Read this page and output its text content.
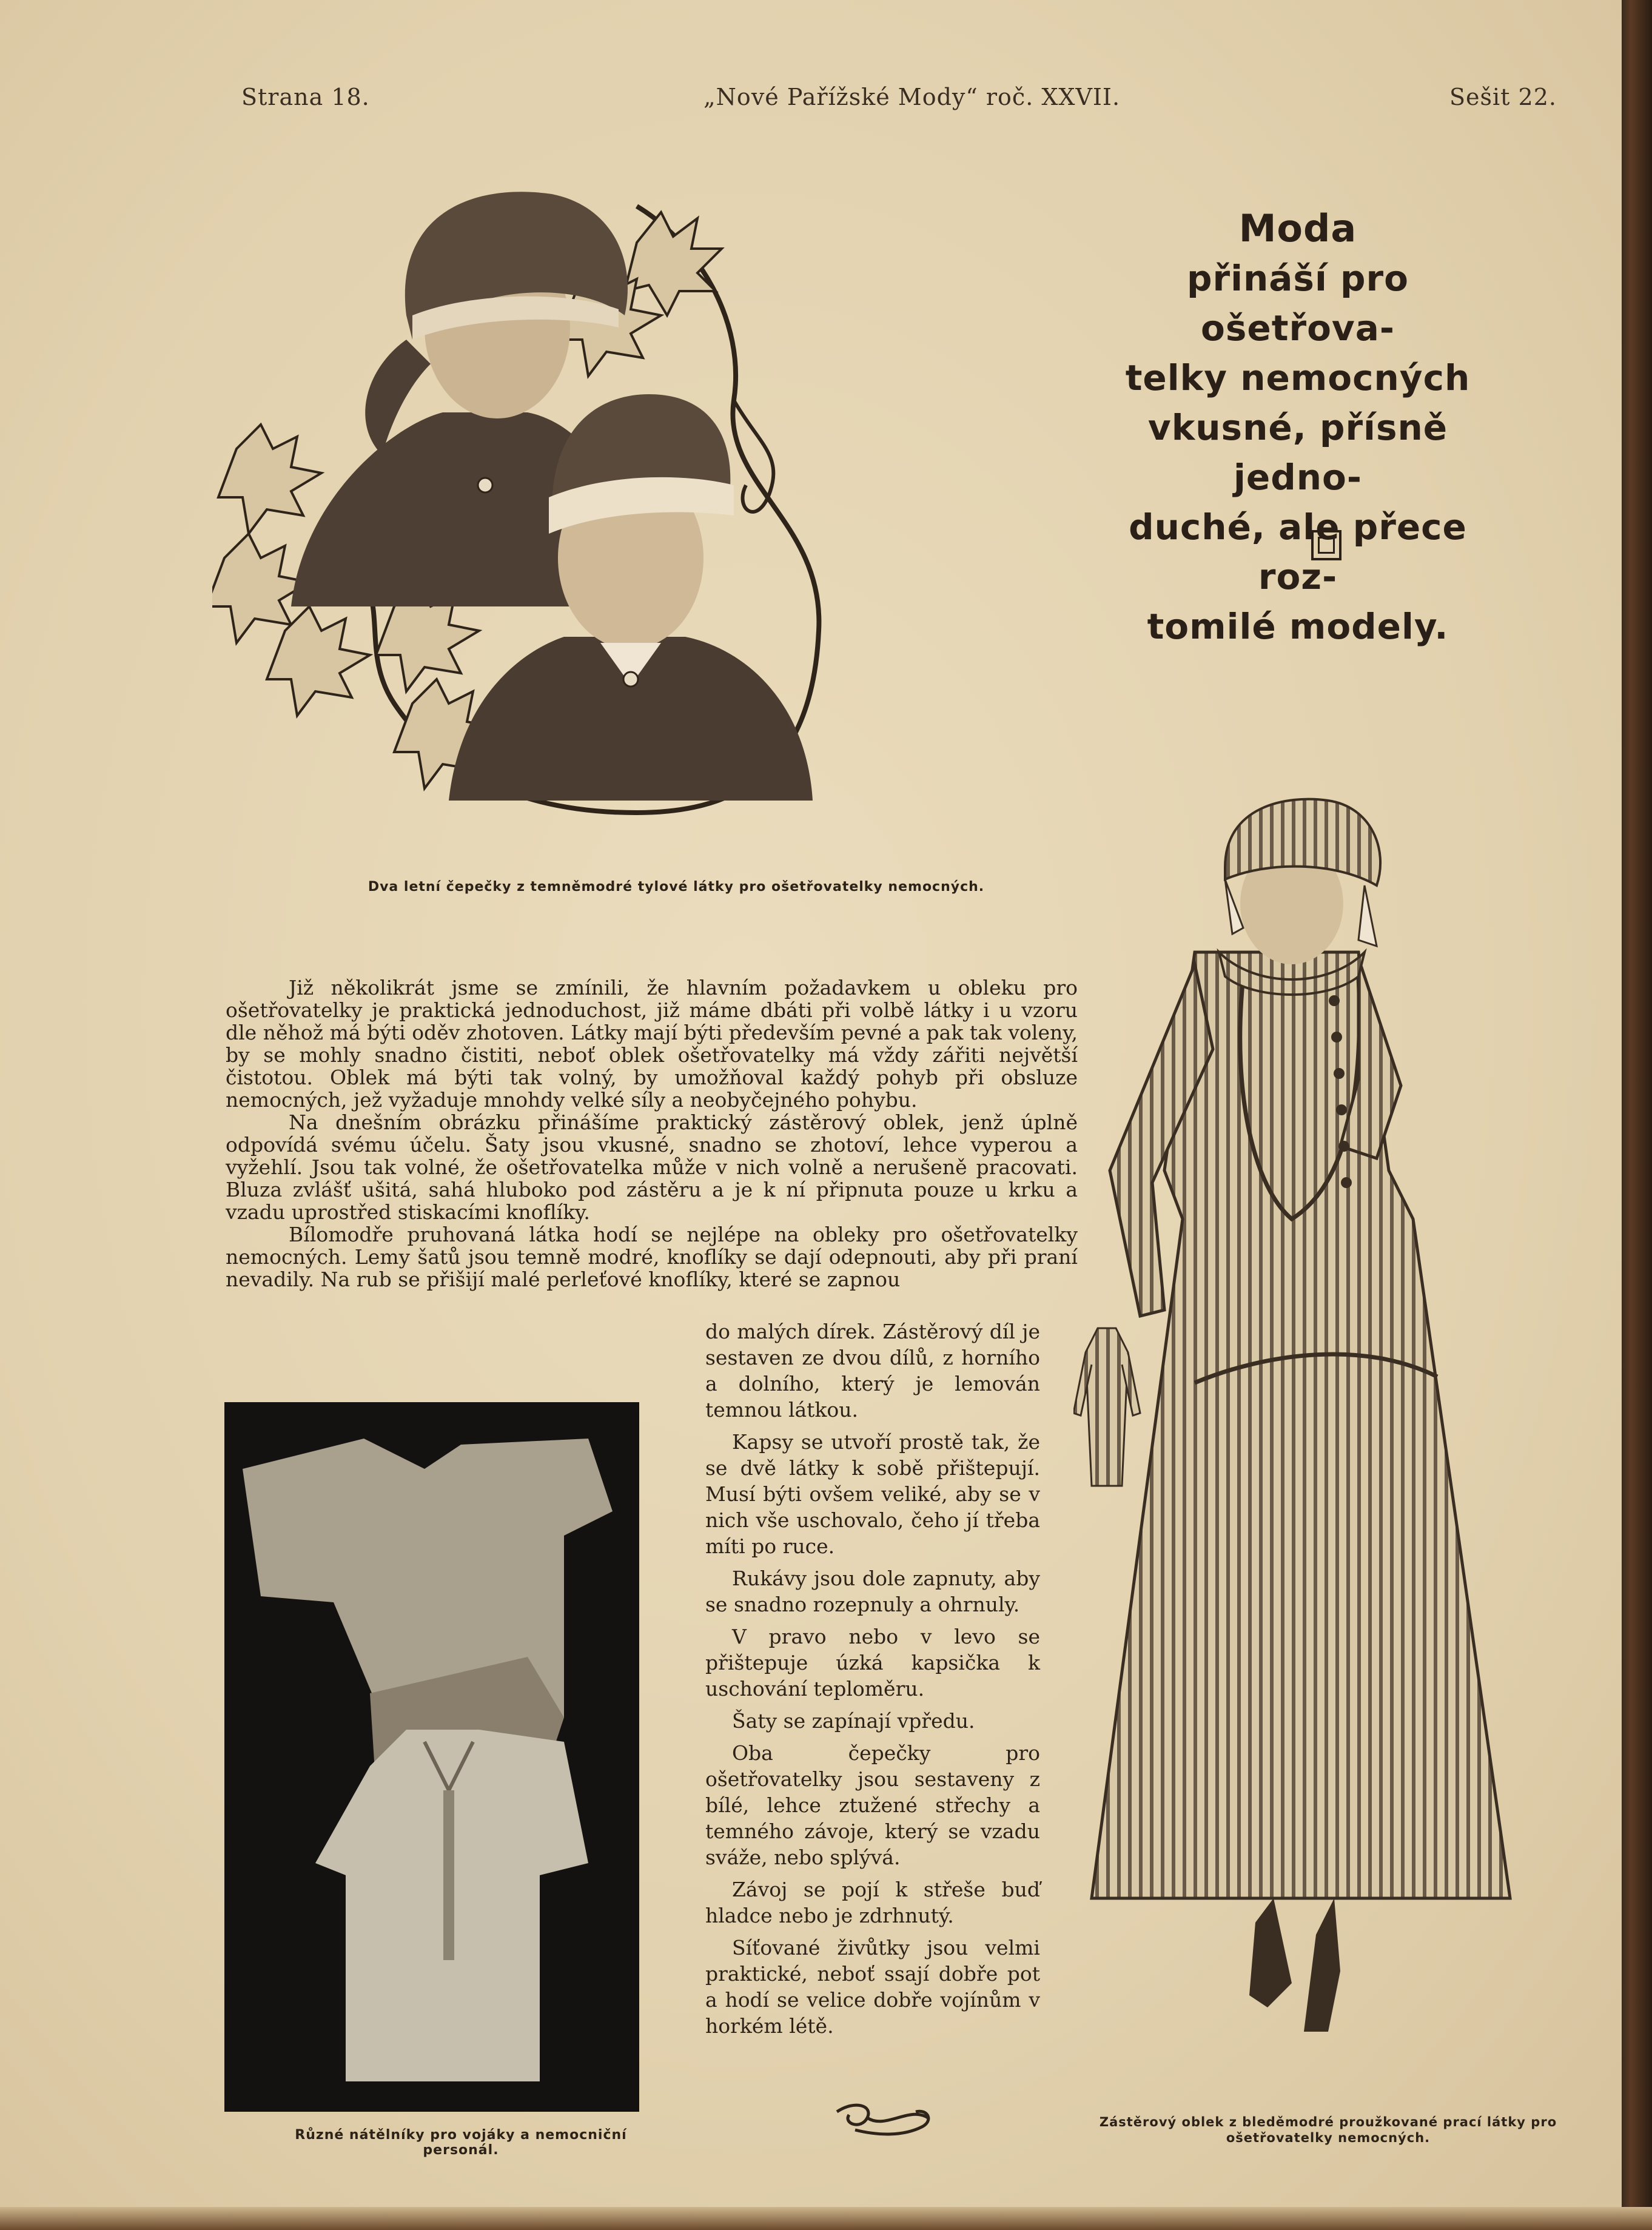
Strana 18.	„Nové Pařížské Mody“ roč. XXVII.	Sešit 22.
Dva letní čepečky z temněmodré tylové látky pro ošetřovatelky nemocných.
Moda
přináší pro ošetřova-
telky nemocných
vkusné, přísně jedno-
duché, ale přece roz-
tomilé modely.

Již několikrát jsme se zmínili, že hlavním požadavkem u obleku pro ošetřovatelky je praktická jednoduchost, již máme dbáti při volbě látky i u vzoru dle něhož má býti oděv zhotoven. Látky mají býti především pevné a pak tak voleny, by se mohly snadno čistiti, neboť oblek ošetřovatelky má vždy zářiti největší čistotou. Oblek má býti tak volný, by umožňoval každý pohyb při obsluze nemocných, jež vyžaduje mnohdy velké síly a neobyčejného pohybu.

Na dnešním obrázku přinášíme praktický zástěrový oblek, jenž úplně odpovídá svému účelu. Šaty jsou vkusné, snadno se zhotoví, lehce vyperou a vyžehlí. Jsou tak volné, že ošetřovatelka může v nich volně a nerušeně pracovati. Bluza zvlášť ušitá, sahá hluboko pod zástěru a je k ní připnuta pouze u krku a vzadu uprostřed stiskacími knoflíky.

Bílomodře pruhovaná látka hodí se nejlépe na obleky pro ošetřovatelky nemocných. Lemy šatů jsou temně modré, knoflíky se dají odepnouti, aby při praní nevadily. Na rub se přišijí malé perleťové knoflíky, které se zapnou

do malých dírek. Zástěrový díl je sestaven ze dvou dílů, z horního a dolního, který je lemován temnou látkou.

Kapsy se utvoří prostě tak, že se dvě látky k sobě přištepují. Musí býti ovšem veliké, aby se v nich vše uschovalo, čeho jí třeba míti po ruce.

Rukávy jsou dole zapnuty, aby se snadno rozepnuly a ohrnuly.

V pravo nebo v levo se přištepuje úzká kapsička k uschování teploměru.

Šaty se zapínají vpředu.

Oba čepečky pro ošetřovatelky jsou sestaveny z bílé, lehce ztužené střechy a temného závoje, který se vzadu sváže, nebo splývá.

Závoj se pojí k střeše buď hladce nebo je zdrhnutý.

Síťované živůtky jsou velmi praktické, neboť ssají dobře pot a hodí se velice dobře vojínům v horkém létě.

Různé nátělníky pro vojáky a nemocniční personál.
Zástěrový oblek z bleděmodré proužkované prací látky pro
ošetřovatelky nemocných.
